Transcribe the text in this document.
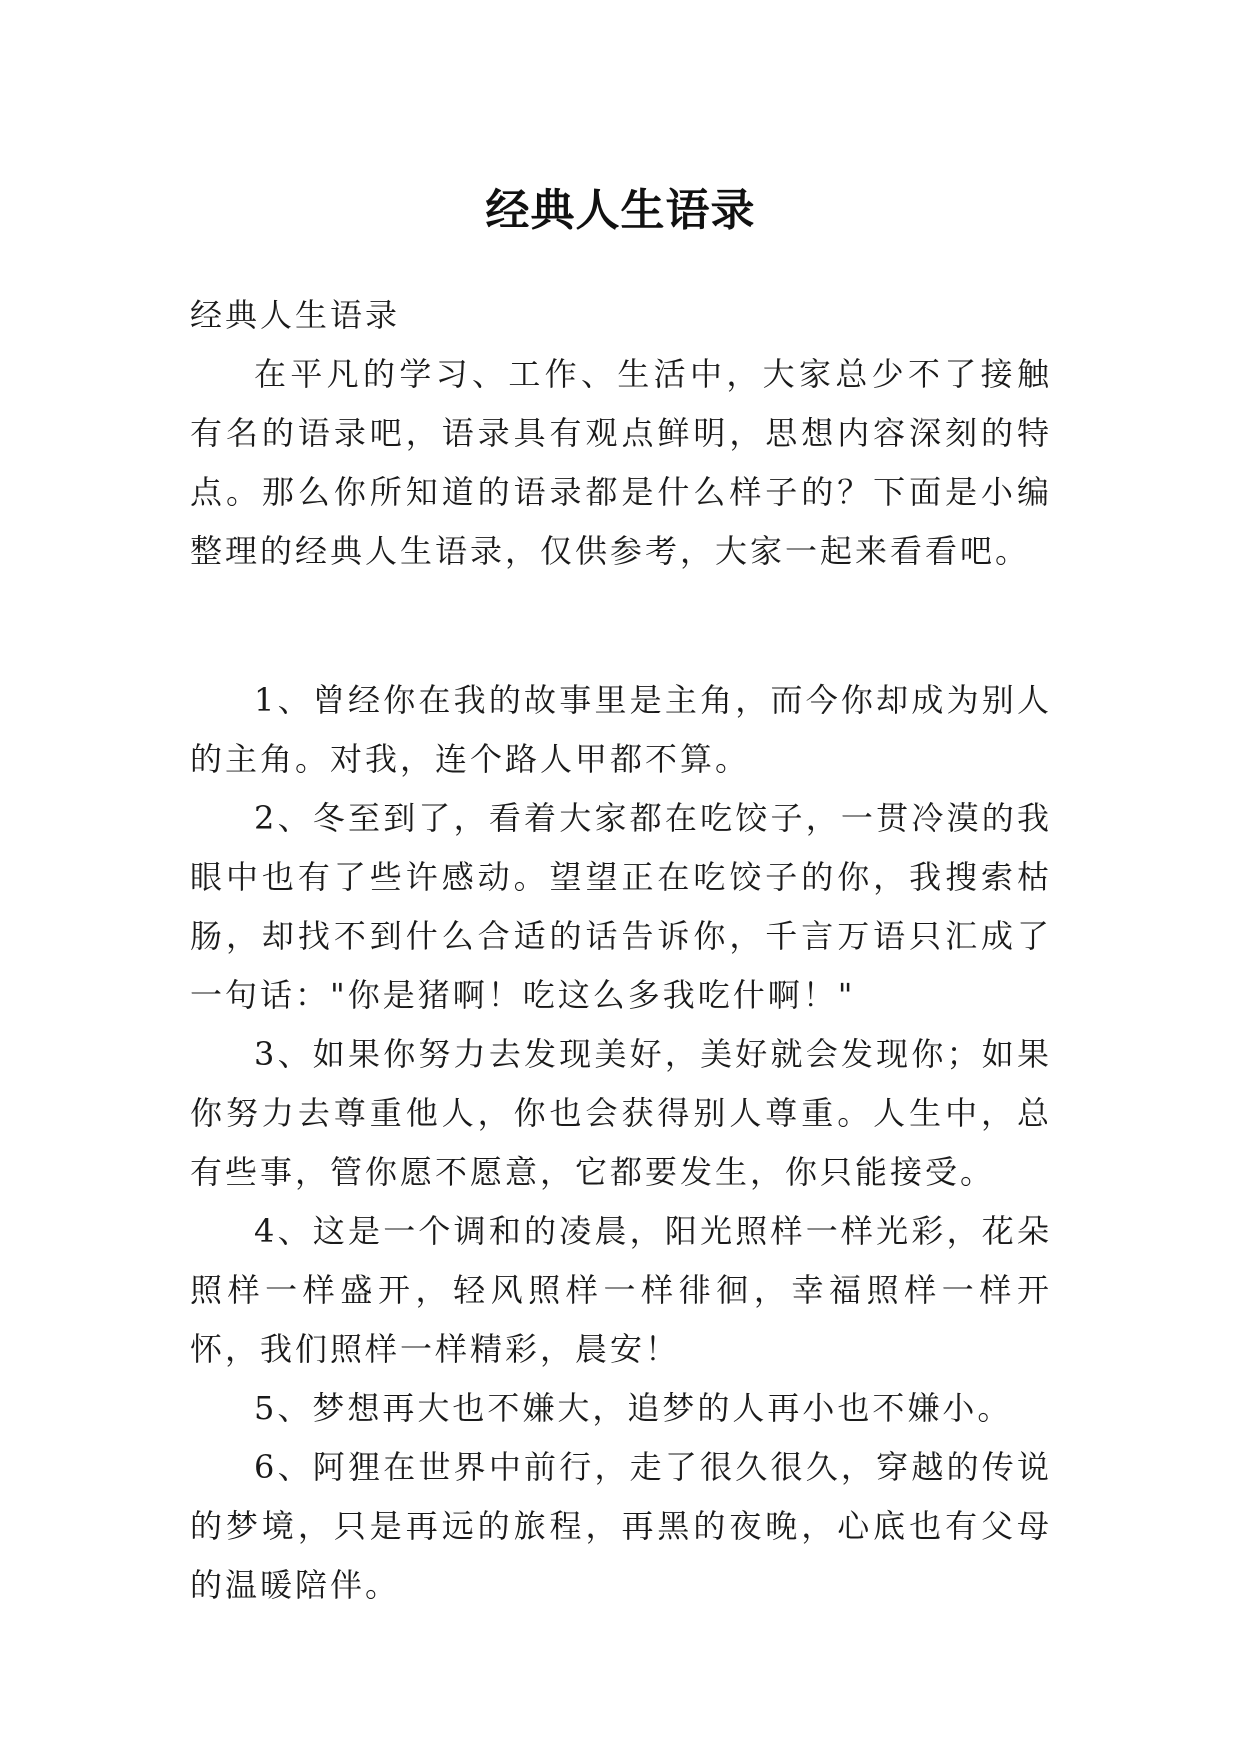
经典人生语录

经典人生语录

在平凡的学习、工作、生活中，大家总少不了接触有名的语录吧，语录具有观点鲜明，思想内容深刻的特点。那么你所知道的语录都是什么样子的？下面是小编整理的经典人生语录，仅供参考，大家一起来看看吧。

1、曾经你在我的故事里是主角，而今你却成为别人的主角。对我，连个路人甲都不算。

2、冬至到了，看着大家都在吃饺子，一贯冷漠的我眼中也有了些许感动。望望正在吃饺子的你，我搜索枯肠，却找不到什么合适的话告诉你，千言万语只汇成了一句话："你是猪啊！吃这么多我吃什啊！"

3、如果你努力去发现美好，美好就会发现你；如果你努力去尊重他人，你也会获得别人尊重。人生中，总有些事，管你愿不愿意，它都要发生，你只能接受。

4、这是一个调和的凌晨，阳光照样一样光彩，花朵照样一样盛开，轻风照样一样徘徊，幸福照样一样开怀，我们照样一样精彩，晨安！

5、梦想再大也不嫌大，追梦的人再小也不嫌小。

6、阿狸在世界中前行，走了很久很久，穿越的传说的梦境，只是再远的旅程，再黑的夜晚，心底也有父母的温暖陪伴。
